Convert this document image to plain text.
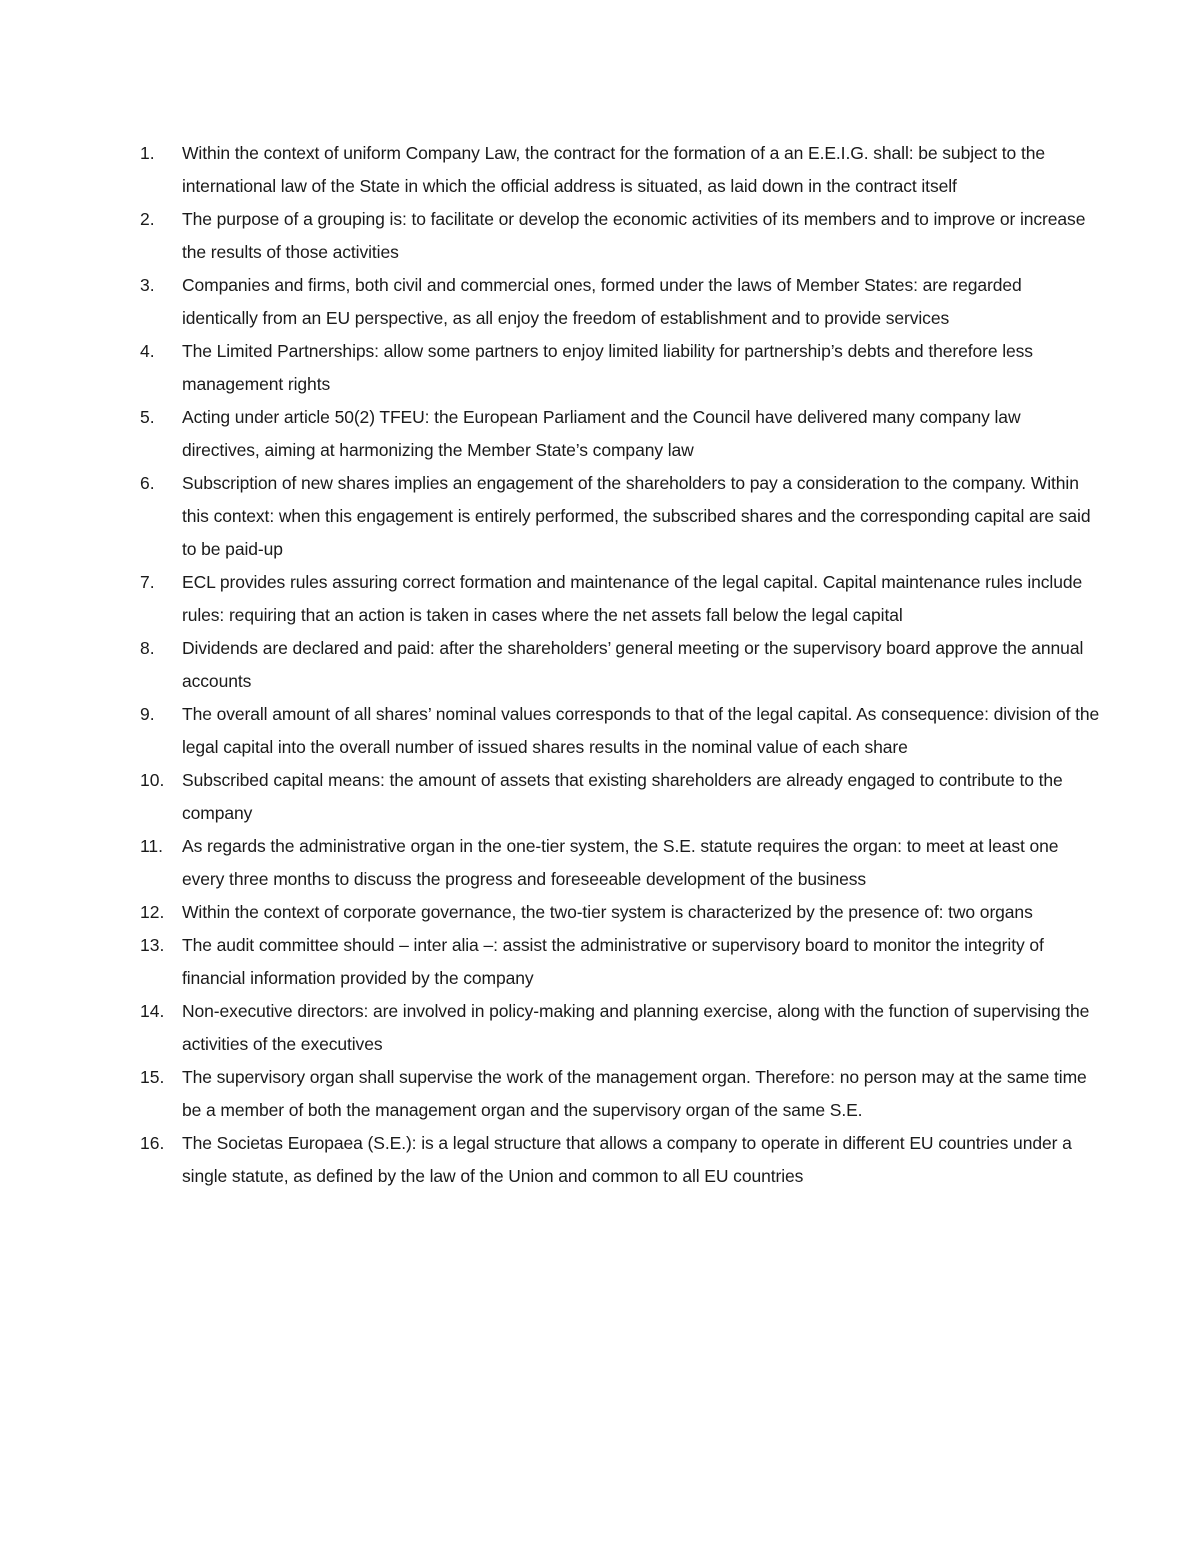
1.	Within the context of uniform Company Law, the contract for the formation of a an E.E.I.G. shall: be subject to the international law of the State in which the official address is situated, as laid down in the contract itself
2.	The purpose of a grouping is: to facilitate or develop the economic activities of its members and to improve or increase the results of those activities
3.	Companies and firms, both civil and commercial ones, formed under the laws of Member States: are regarded identically from an EU perspective, as all enjoy the freedom of establishment and to provide services
4.	The Limited Partnerships: allow some partners to enjoy limited liability for partnership’s debts and therefore less management rights
5.	Acting under article 50(2) TFEU: the European Parliament and the Council have delivered many company law directives, aiming at harmonizing the Member State’s company law
6.	Subscription of new shares implies an engagement of the shareholders to pay a consideration to the company. Within this context: when this engagement is entirely performed, the subscribed shares and the corresponding capital are said to be paid-up
7.	ECL provides rules assuring correct formation and maintenance of the legal capital. Capital maintenance rules include rules: requiring that an action is taken in cases where the net assets fall below the legal capital
8.	Dividends are declared and paid: after the shareholders’ general meeting or the supervisory board approve the annual accounts
9.	The overall amount of all shares’ nominal values corresponds to that of the legal capital. As consequence: division of the legal capital into the overall number of issued shares results in the nominal value of each share
10.	Subscribed capital means: the amount of assets that existing shareholders are already engaged to contribute to the company
11.	As regards the administrative organ in the one-tier system, the S.E. statute requires the organ: to meet at least one every three months to discuss the progress and foreseeable development of the business
12.	Within the context of corporate governance, the two-tier system is characterized by the presence of: two organs
13.	The audit committee should – inter alia –: assist the administrative or supervisory board to monitor the integrity of financial information provided by the company
14.	Non-executive directors: are involved in policy-making and planning exercise, along with the function of supervising the activities of the executives
15.	The supervisory organ shall supervise the work of the management organ. Therefore: no person may at the same time be a member of both the management organ and the supervisory organ of the same S.E.
16.	The Societas Europaea (S.E.): is a legal structure that allows a company to operate in different EU countries under a single statute, as defined by the law of the Union and common to all EU countries
